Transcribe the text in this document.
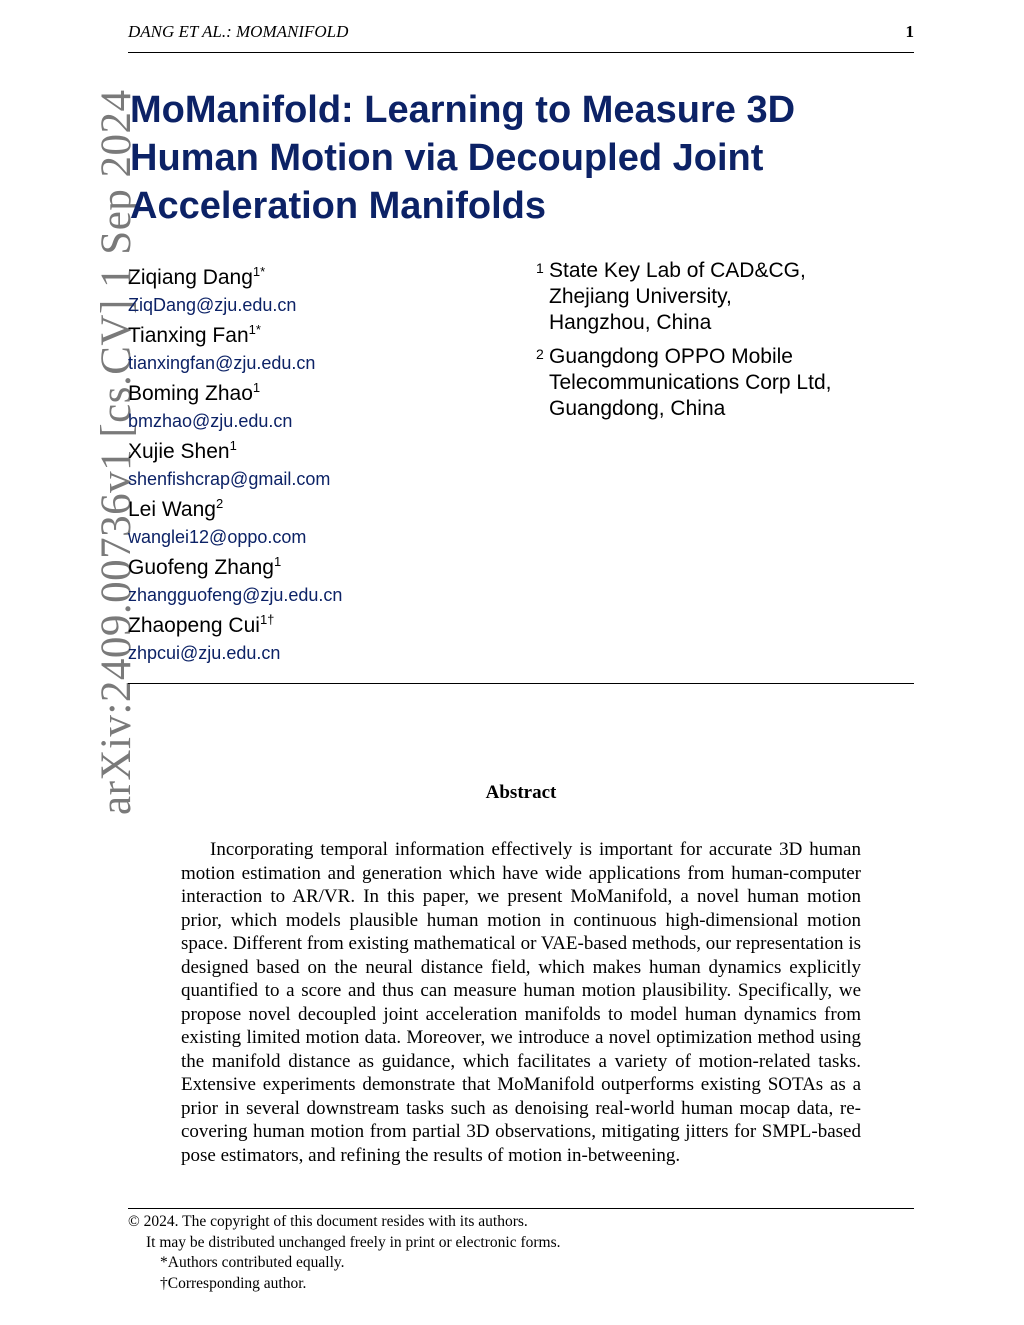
DANG ET AL.: MOMANIFOLD	1
arXiv:2409.00736v1 [cs.CV] 1 Sep 2024
MoManifold: Learning to Measure 3D Human Motion via Decoupled Joint Acceleration Manifolds
Ziqiang Dang$^{1*}$
ZiqDang@zju.edu.cn
Tianxing Fan$^{1*}$
tianxingfan@zju.edu.cn
Boming Zhao$^1$
bmzhao@zju.edu.cn
Xujie Shen$^1$
shenfishcrap@gmail.com
Lei Wang$^2$
wanglei12@oppo.com
Guofeng Zhang$^1$
zhangguofeng@zju.edu.cn
Zhaopeng Cui$^{1\dagger}$
zhpcui@zju.edu.cn
1 State Key Lab of CAD&CG,
Zhejiang University,
Hangzhou, China
2 Guangdong OPPO Mobile
Telecommunications Corp Ltd,
Guangdong, China
Abstract

Incorporating temporal information effectively is important for accurate 3D human motion estimation and generation which have wide applications from human-computer interaction to AR/VR. In this paper, we present MoManifold, a novel human motion prior, which models plausible human motion in continuous high-dimensional motion space. Different from existing mathematical or VAE-based methods, our representation is designed based on the neural distance field, which makes human dynamics explicitly quantified to a score and thus can measure human motion plausibility. Specifically, we propose novel decoupled joint acceleration manifolds to model human dynamics from existing limited motion data. Moreover, we introduce a novel optimization method using the manifold distance as guidance, which facilitates a variety of motion-related tasks. Extensive experiments demonstrate that MoManifold outperforms existing SOTAs as a prior in several downstream tasks such as denoising real-world human mocap data, recovering human motion from partial 3D observations, mitigating jitters for SMPL-based pose estimators, and refining the results of motion in-betweening.

© 2024. The copyright of this document resides with its authors.
It may be distributed unchanged freely in print or electronic forms.
*Authors contributed equally.
†Corresponding author.
